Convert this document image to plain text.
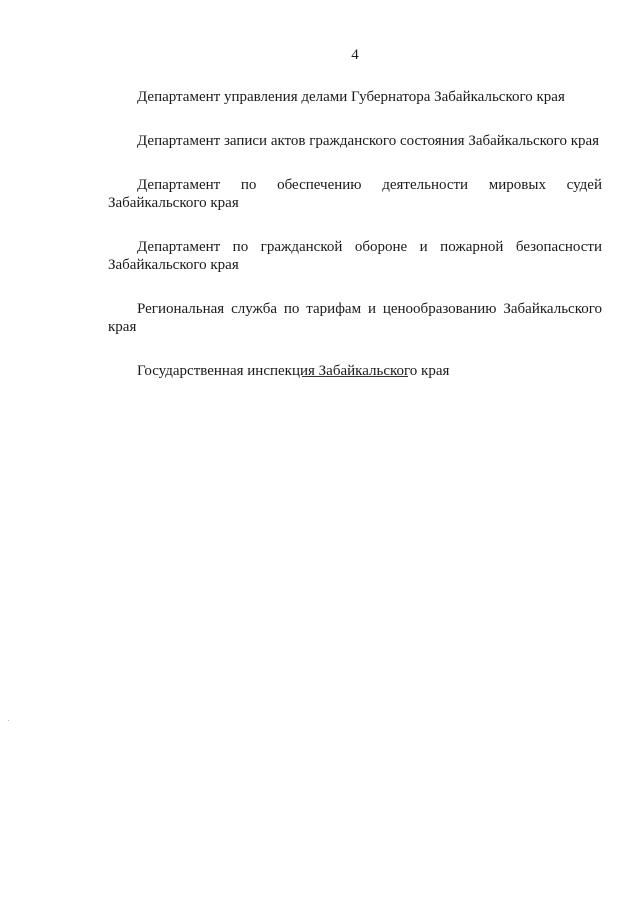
4

Департамент управления делами Губернатора Забайкальского края

Департамент записи актов гражданского состояния Забайкальского края

Департамент по обеспечению деятельности мировых судей Забайкальского края

Департамент по гражданской обороне и пожарной безопасности Забайкальского края

Региональная служба по тарифам и ценообразованию Забайкальского края

Государственная инспекция Забайкальского края
